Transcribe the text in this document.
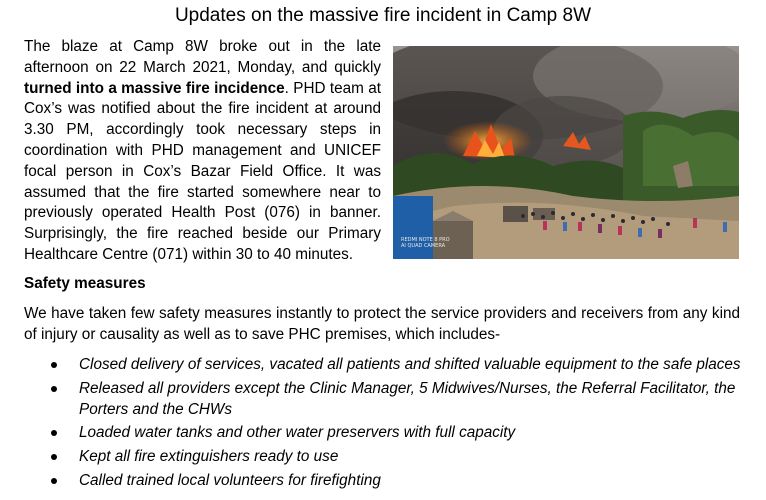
Updates on the massive fire incident in Camp 8W

The blaze at Camp 8W broke out in the late afternoon on 22 March 2021, Monday, and quickly turned into a massive fire incidence. PHD team at Cox’s was notified about the fire incident at around 3.30 PM, accordingly took necessary steps in coordination with PHD management and UNICEF focal person in Cox’s Bazar Field Office. It was assumed that the fire started somewhere near to previously operated Health Post (076) in banner. Surprisingly, the fire reached beside our Primary Healthcare Centre (071) within 30 to 40 minutes.

REDMI NOTE 8 PRO
AI QUAD CAMERA
Safety measures

We have taken few safety measures instantly to protect the service providers and receivers from any kind of injury or causality as well as to save PHC premises, which includes-

Closed delivery of services, vacated all patients and shifted valuable equipment to the safe places
Released all providers except the Clinic Manager, 5 Midwives/Nurses, the Referral Facilitator, the Porters and the CHWs
Loaded water tanks and other water preservers with full capacity
Kept all fire extinguishers ready to use
Called trained local volunteers for firefighting
